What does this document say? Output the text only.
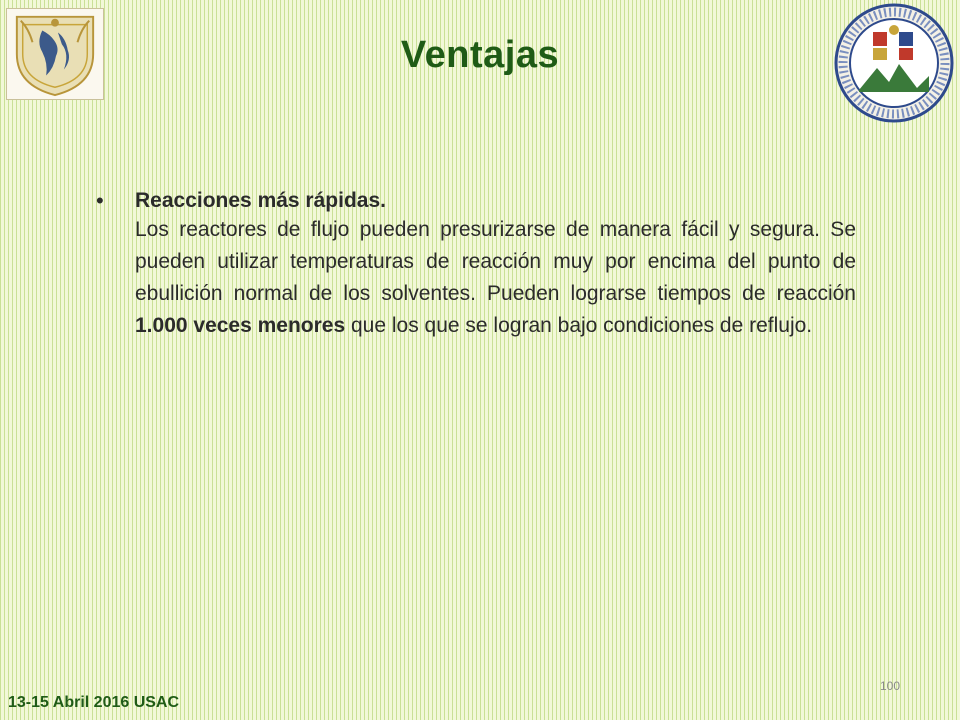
Ventajas
• Reacciones más rápidas.
Los reactores de flujo pueden presurizarse de manera fácil y segura. Se pueden utilizar temperaturas de reacción muy por encima del punto de ebullición normal de los solventes. Pueden lograrse tiempos de reacción 1.000 veces menores que los que se logran bajo condiciones de reflujo.
100
13-15 Abril 2016 USAC
